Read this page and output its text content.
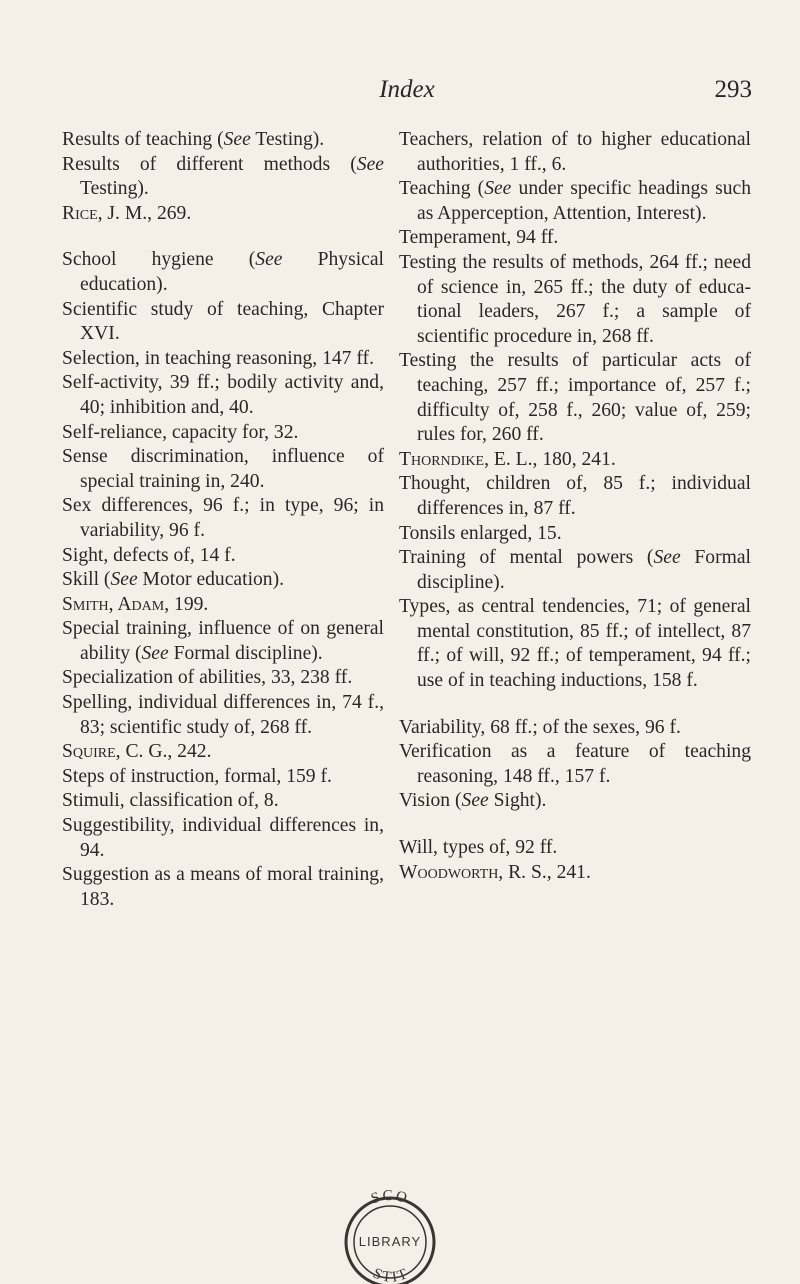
Index	293

Results of teaching (See Testing).

Results of different methods (See Testing).

Rice, J. M., 269.

School hygiene (See Physical education).

Scientific study of teaching, Chapter XVI.

Selection, in teaching reasoning, 147 ff.

Self-activity, 39 ff.; bodily activity and, 40; inhibition and, 40.

Self-reliance, capacity for, 32.

Sense discrimination, influence of special training in, 240.

Sex differences, 96 f.; in type, 96; in variability, 96 f.

Sight, defects of, 14 f.

Skill (See Motor education).

Smith, Adam, 199.

Special training, influence of on general ability (See Formal discipline).

Specialization of abilities, 33, 238 ff.

Spelling, individual differences in, 74 f., 83; scientific study of, 268 ff.

Squire, C. G., 242.

Steps of instruction, formal, 159 f.

Stimuli, classification of, 8.

Suggestibility, individual differences in, 94.

Suggestion as a means of moral training, 183.

Teachers, relation of to higher educational authorities, 1 ff., 6.

Teaching (See under specific headings such as Apperception, Attention, Interest).

Temperament, 94 ff.

Testing the results of methods, 264 ff.; need of science in, 265 ff.; the duty of educational leaders, 267 f.; a sample of scientific procedure in, 268 ff.

Testing the results of particular acts of teaching, 257 ff.; importance of, 257 f.; difficulty of, 258 f., 260; value of, 259; rules for, 260 ff.

Thorndike, E. L., 180, 241.

Thought, children of, 85 f.; individual differences in, 87 ff.

Tonsils enlarged, 15.

Training of mental powers (See Formal discipline).

Types, as central tendencies, 71; of general mental constitution, 85 ff.; of intellect, 87 ff.; of will, 92 ff.; of temperament, 94 ff.; use of in teaching inductions, 158 f.

Variability, 68 ff.; of the sexes, 96 f.

Verification as a feature of teaching reasoning, 148 ff., 157 f.

Vision (See Sight).

Will, types of, 92 ff.

Woodworth, R. S., 241.

SCO
LIBRARY
STIT
